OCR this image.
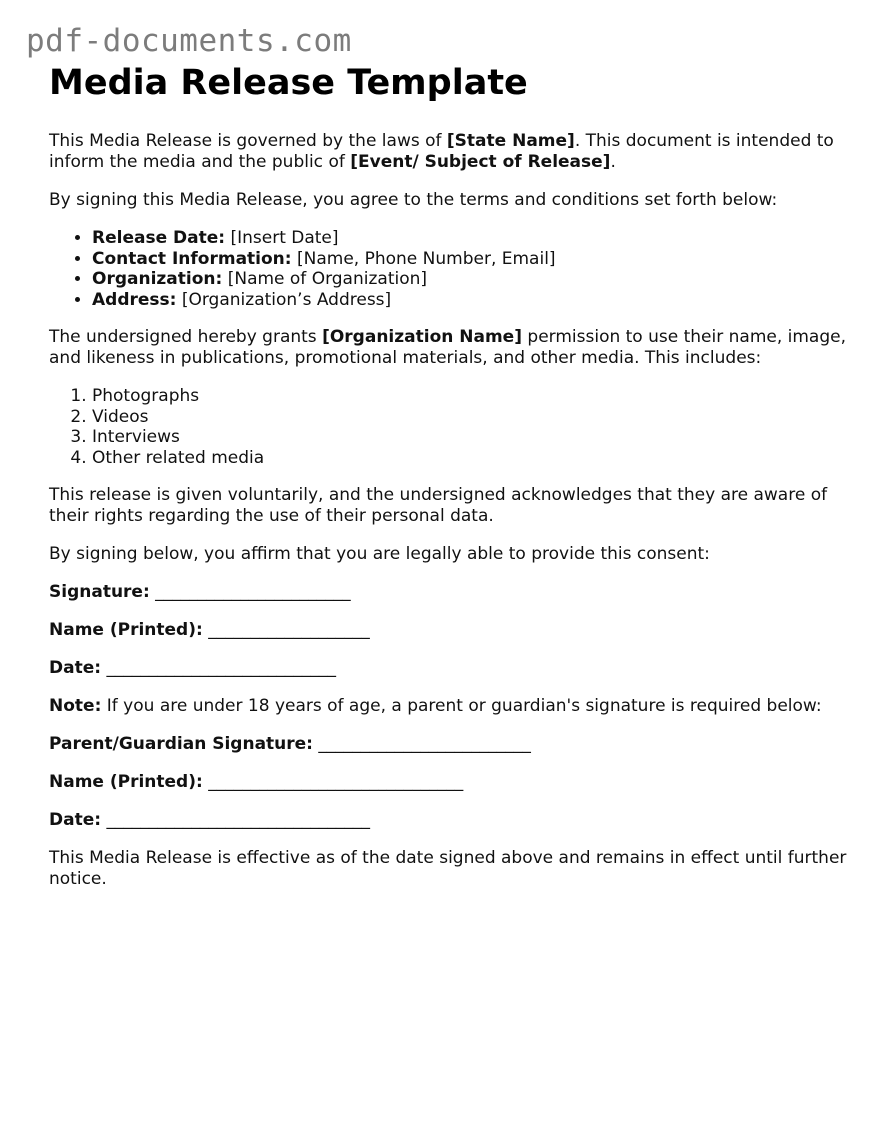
pdf-documents.com
Media Release Template

This Media Release is governed by the laws of [State Name]. This document is intended to inform the media and the public of [Event/ Subject of Release].

By signing this Media Release, you agree to the terms and conditions set forth below:

• Release Date: [Insert Date]
• Contact Information: [Name, Phone Number, Email]
• Organization: [Name of Organization]
• Address: [Organization’s Address]

The undersigned hereby grants [Organization Name] permission to use their name, image, and likeness in publications, promotional materials, and other media. This includes:

1. Photographs
2. Videos
3. Interviews
4. Other related media

This release is given voluntarily, and the undersigned acknowledges that they are aware of their rights regarding the use of their personal data.

By signing below, you affirm that you are legally able to provide this consent:

Signature: _______________________
Name (Printed): ___________________
Date: ___________________________

Note: If you are under 18 years of age, a parent or guardian's signature is required below:

Parent/Guardian Signature: _________________________
Name (Printed): ______________________________
Date: _______________________________

This Media Release is effective as of the date signed above and remains in effect until further notice.
